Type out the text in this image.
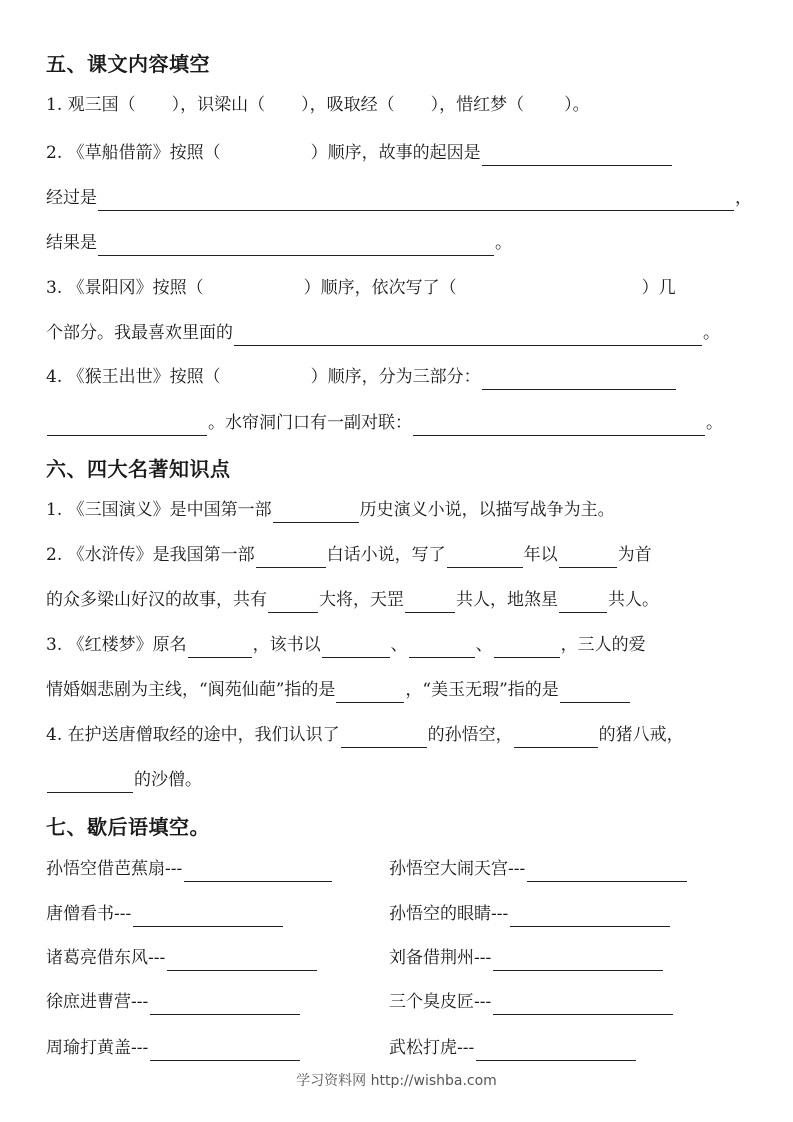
五、课文内容填空
1. 观三国（ ），识梁山（ ），吸取经（ ），惜红梦（ ）。
2. 《草船借箭》按照（	）顺序，故事的起因是
经过是	，
结果是	。
3. 《景阳冈》按照（	）顺序，依次写了（	）几
个部分。我最喜欢里面的	。
4. 《猴王出世》按照（	）顺序，分为三部分：
。水帘洞门口有一副对联：	。
六、四大名著知识点
1. 《三国演义》是中国第一部	历史演义小说，以描写战争为主。
2. 《水浒传》是我国第一部	白话小说，写了	年以	为首
的众多梁山好汉的故事，共有	大将，天罡	共人，地煞星	共人。
3. 《红楼梦》原名	，该书以	、	、	，三人的爱
情婚姻悲剧为主线，“阆苑仙葩”指的是	，“美玉无瑕”指的是
4. 在护送唐僧取经的途中，我们认识了	的孙悟空，	的猪八戒，
的沙僧。
七、歇后语填空。
孙悟空借芭蕉扇---	孙悟空大闹天宫---
唐僧看书---	孙悟空的眼睛---
诸葛亮借东风---	刘备借荆州---
徐庶进曹营---	三个臭皮匠---
周瑜打黄盖---	武松打虎---
学习资料网 http://wishba.com
